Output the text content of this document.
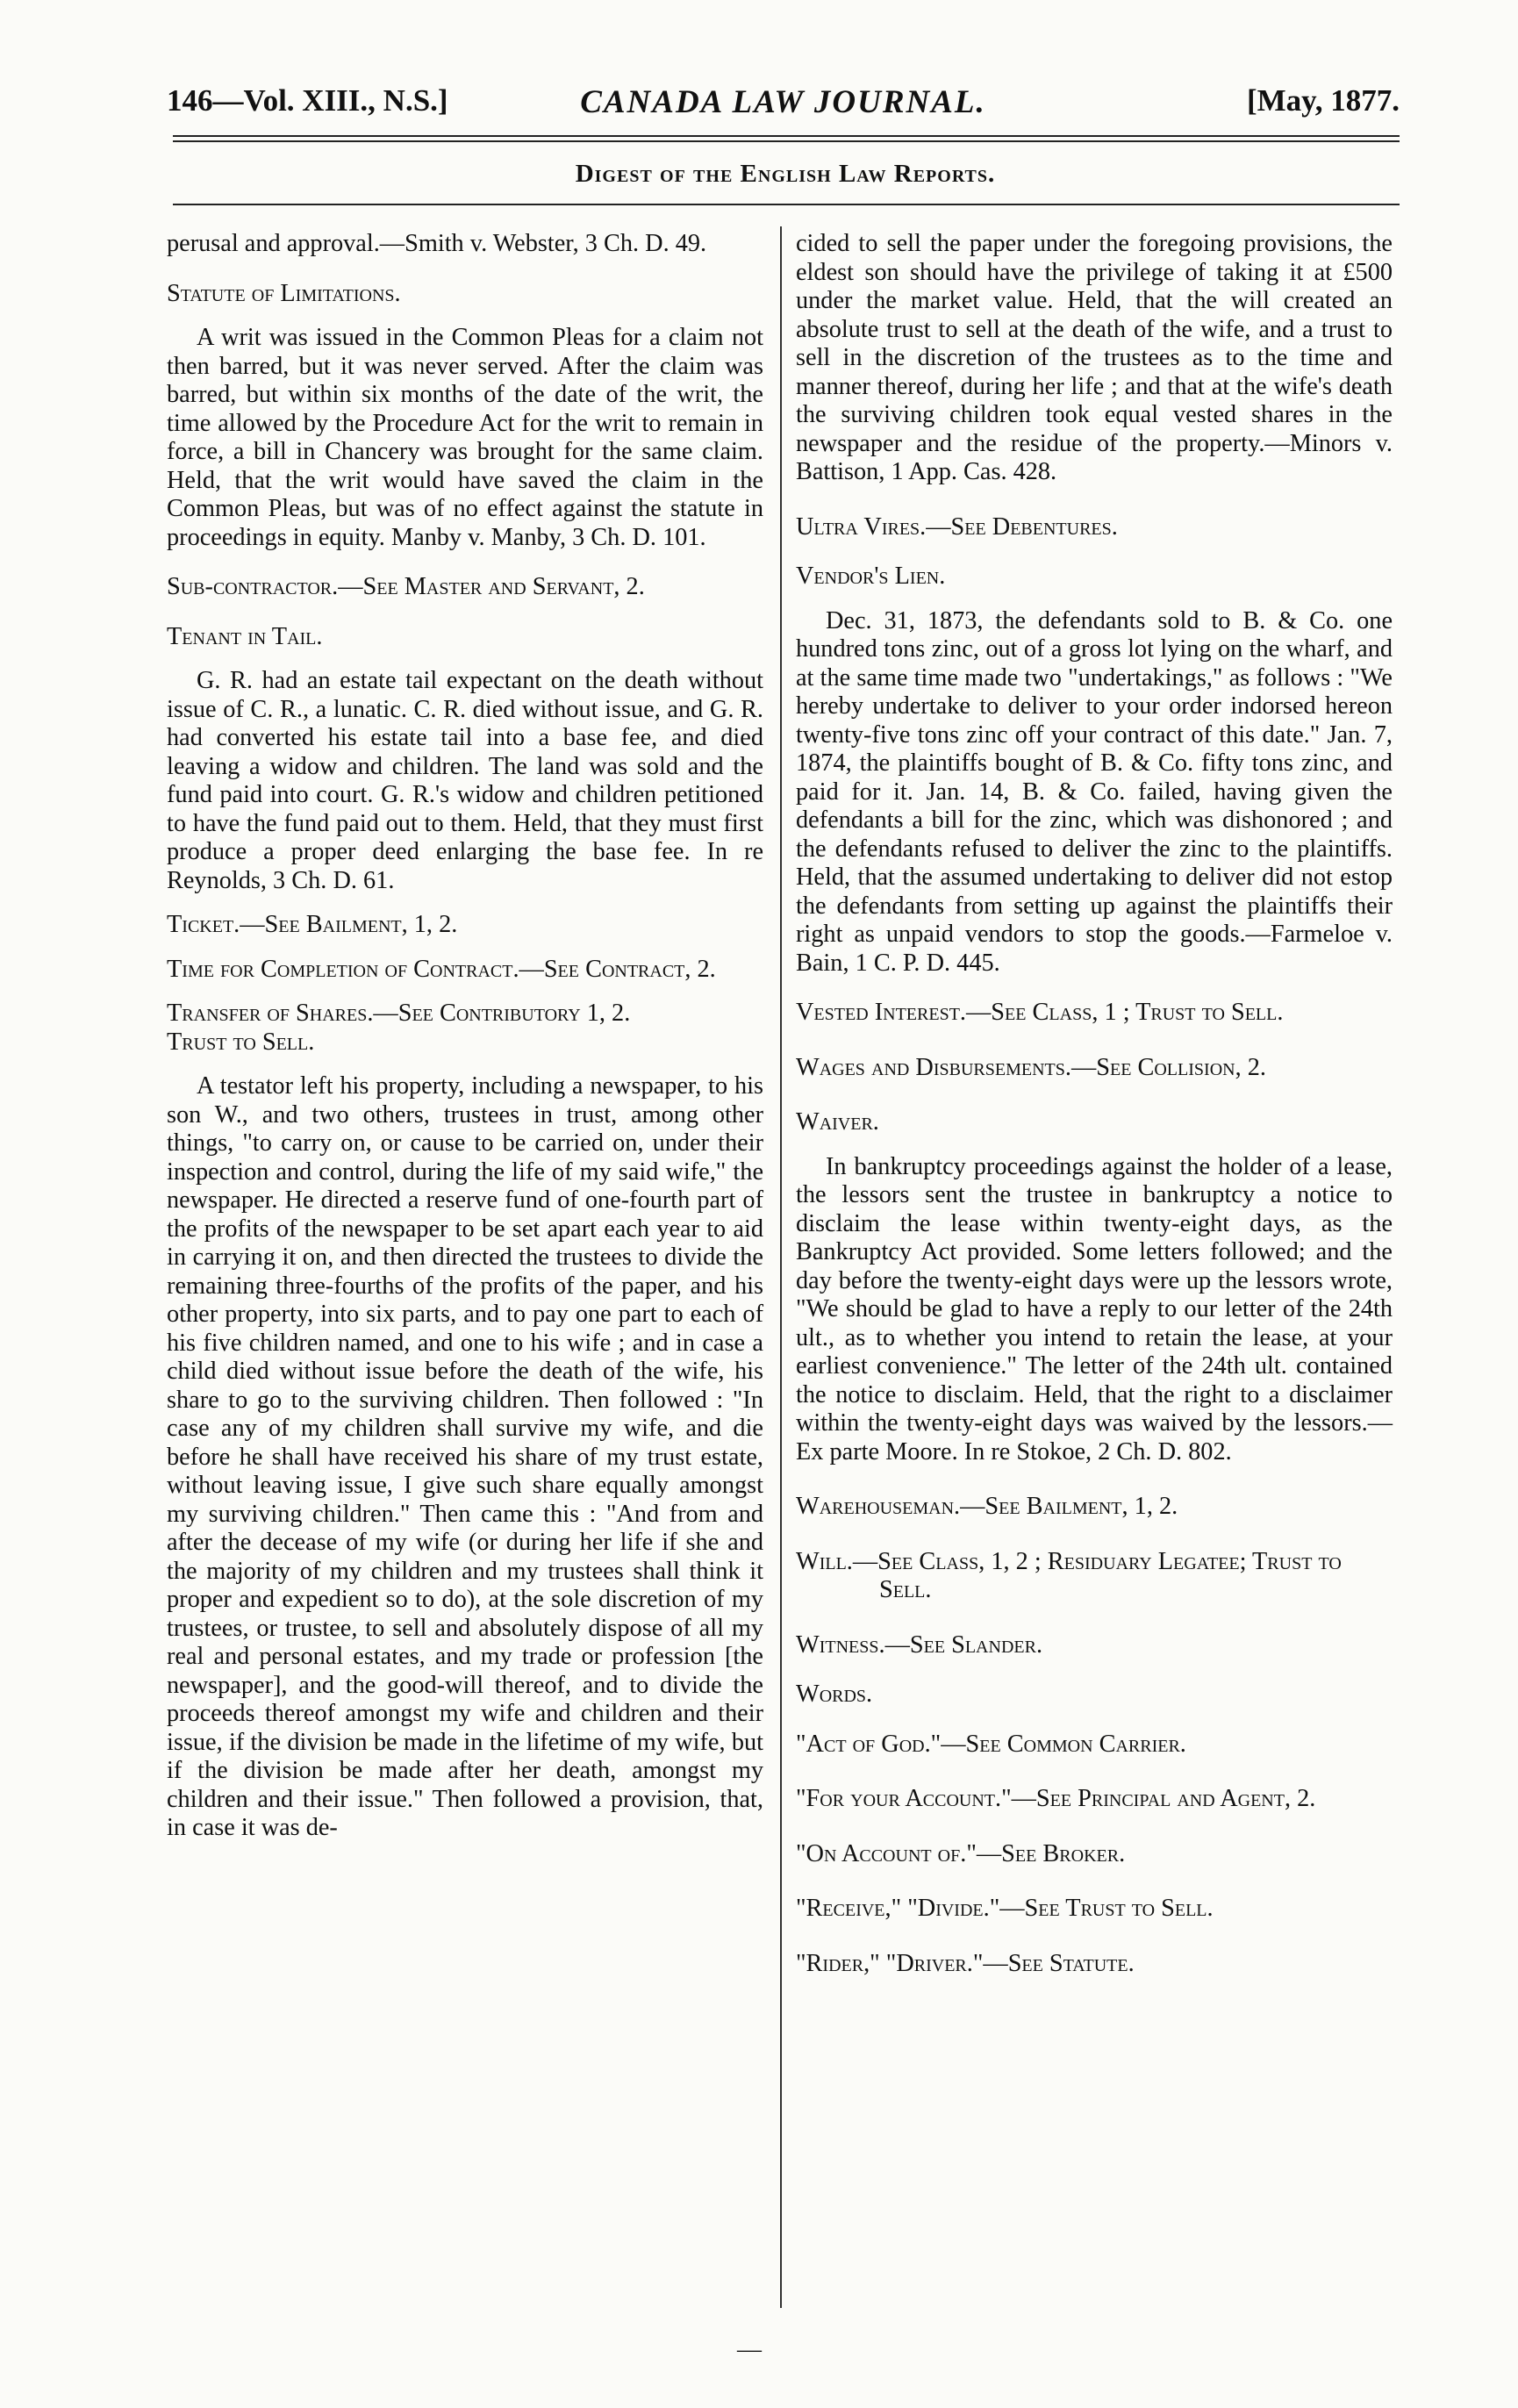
146—Vol. XIII., N.S.]	CANADA LAW JOURNAL.	[May, 1877.
Digest of the English Law Reports.

perusal and approval.—Smith v. Webster, 3 Ch. D. 49.

Statute of Limitations.

A writ was issued in the Common Pleas for a claim not then barred, but it was never served. After the claim was barred, but within six months of the date of the writ, the time allowed by the Procedure Act for the writ to remain in force, a bill in Chancery was brought for the same claim. Held, that the writ would have saved the claim in the Common Pleas, but was of no effect against the statute in proceedings in equity. Manby v. Manby, 3 Ch. D. 101.

Sub-contractor.—See Master and Servant, 2.

Tenant in Tail.

G. R. had an estate tail expectant on the death without issue of C. R., a lunatic. C. R. died without issue, and G. R. had converted his estate tail into a base fee, and died leaving a widow and children. The land was sold and the fund paid into court. G. R.'s widow and children petitioned to have the fund paid out to them. Held, that they must first produce a proper deed enlarging the base fee. In re Reynolds, 3 Ch. D. 61.

Ticket.—See Bailment, 1, 2.

Time for Completion of Contract.—See Contract, 2.

Transfer of Shares.—See Contributory 1, 2.

Trust to Sell.

A testator left his property, including a newspaper, to his son W., and two others, trustees in trust, among other things, "to carry on, or cause to be carried on, under their inspection and control, during the life of my said wife," the newspaper. He directed a reserve fund of one-fourth part of the profits of the newspaper to be set apart each year to aid in carrying it on, and then directed the trustees to divide the remaining three-fourths of the profits of the paper, and his other property, into six parts, and to pay one part to each of his five children named, and one to his wife ; and in case a child died without issue before the death of the wife, his share to go to the surviving children. Then followed : "In case any of my children shall survive my wife, and die before he shall have received his share of my trust estate, without leaving issue, I give such share equally amongst my surviving children." Then came this : "And from and after the decease of my wife (or during her life if she and the majority of my children and my trustees shall think it proper and expedient so to do), at the sole discretion of my trustees, or trustee, to sell and absolutely dispose of all my real and personal estates, and my trade or profession [the newspaper], and the good-will thereof, and to divide the proceeds thereof amongst my wife and children and their issue, if the division be made in the lifetime of my wife, but if the division be made after her death, amongst my children and their issue." Then followed a provision, that, in case it was de-

cided to sell the paper under the foregoing provisions, the eldest son should have the privilege of taking it at £500 under the market value. Held, that the will created an absolute trust to sell at the death of the wife, and a trust to sell in the discretion of the trustees as to the time and manner thereof, during her life ; and that at the wife's death the surviving children took equal vested shares in the newspaper and the residue of the property.—Minors v. Battison, 1 App. Cas. 428.

Ultra Vires.—See Debentures.

Vendor's Lien.

Dec. 31, 1873, the defendants sold to B. & Co. one hundred tons zinc, out of a gross lot lying on the wharf, and at the same time made two "undertakings," as follows : "We hereby undertake to deliver to your order indorsed hereon twenty-five tons zinc off your contract of this date." Jan. 7, 1874, the plaintiffs bought of B. & Co. fifty tons zinc, and paid for it. Jan. 14, B. & Co. failed, having given the defendants a bill for the zinc, which was dishonored ; and the defendants refused to deliver the zinc to the plaintiffs. Held, that the assumed undertaking to deliver did not estop the defendants from setting up against the plaintiffs their right as unpaid vendors to stop the goods.—Farmeloe v. Bain, 1 C. P. D. 445.

Vested Interest.—See Class, 1 ; Trust to Sell.

Wages and Disbursements.—See Collision, 2.

Waiver.

In bankruptcy proceedings against the holder of a lease, the lessors sent the trustee in bankruptcy a notice to disclaim the lease within twenty-eight days, as the Bankruptcy Act provided. Some letters followed; and the day before the twenty-eight days were up the lessors wrote, "We should be glad to have a reply to our letter of the 24th ult., as to whether you intend to retain the lease, at your earliest convenience." The letter of the 24th ult. contained the notice to disclaim. Held, that the right to a disclaimer within the twenty-eight days was waived by the lessors.—Ex parte Moore. In re Stokoe, 2 Ch. D. 802.

Warehouseman.—See Bailment, 1, 2.

Will.—See Class, 1, 2 ; Residuary Legatee; Trust to Sell.

Witness.—See Slander.

Words.

"Act of God."—See Common Carrier.

"For your Account."—See Principal and Agent, 2.

"On Account of."—See Broker.

"Receive," "Divide."—See Trust to Sell.

"Rider," "Driver."—See Statute.

—
